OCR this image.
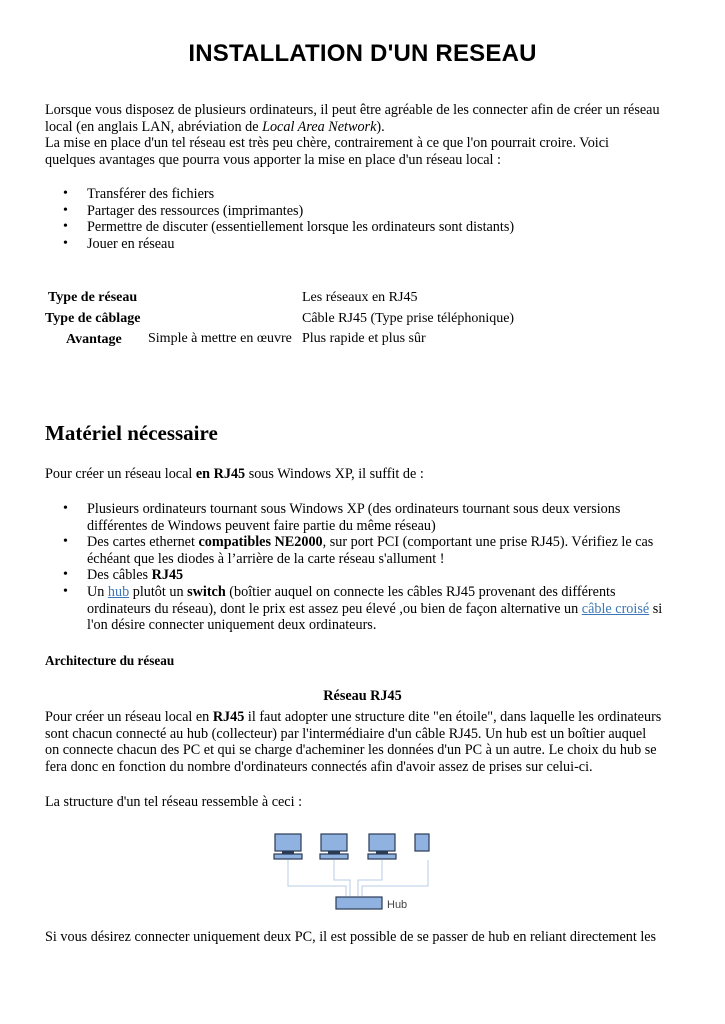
INSTALLATION D'UN RESEAU
Lorsque vous disposez de plusieurs ordinateurs, il peut être agréable de les connecter afin de créer un réseau
local (en anglais LAN, abréviation de Local Area Network).
La mise en place d'un tel réseau est très peu chère, contrairement à ce que l'on pourrait croire. Voici
quelques avantages que pourra vous apporter la mise en place d'un réseau local :
• Transférer des fichiers
• Partager des ressources (imprimantes)
• Permettre de discuter (essentiellement lorsque les ordinateurs sont distants)
• Jouer en réseau
Type de réseau	Les réseaux en RJ45
Type de câblage	Câble RJ45 (Type prise téléphonique)
Avantage Simple à mettre en œuvre Plus rapide et plus sûr
Matériel nécessaire
Pour créer un réseau local en RJ45 sous Windows XP, il suffit de :
• Plusieurs ordinateurs tournant sous Windows XP (des ordinateurs tournant sous deux versions
différentes de Windows peuvent faire partie du même réseau)
• Des cartes ethernet compatibles NE2000, sur port PCI (comportant une prise RJ45). Vérifiez le cas
échéant que les diodes à l’arrière de la carte réseau s'allument !
• Des câbles RJ45
• Un hub plutôt un switch (boîtier auquel on connecte les câbles RJ45 provenant des différents
ordinateurs du réseau), dont le prix est assez peu élevé ,ou bien de façon alternative un câble croisé si
l'on désire connecter uniquement deux ordinateurs.
Architecture du réseau
Réseau RJ45
Pour créer un réseau local en RJ45 il faut adopter une structure dite "en étoile", dans laquelle les ordinateurs
sont chacun connecté au hub (collecteur) par l'intermédiaire d'un câble RJ45. Un hub est un boîtier auquel
on connecte chacun des PC et qui se charge d'acheminer les données d'un PC à un autre. Le choix du hub se
fera donc en fonction du nombre d'ordinateurs connectés afin d'avoir assez de prises sur celui-ci.
La structure d'un tel réseau ressemble à ceci :
Hub
Si vous désirez connecter uniquement deux PC, il est possible de se passer de hub en reliant directement les
